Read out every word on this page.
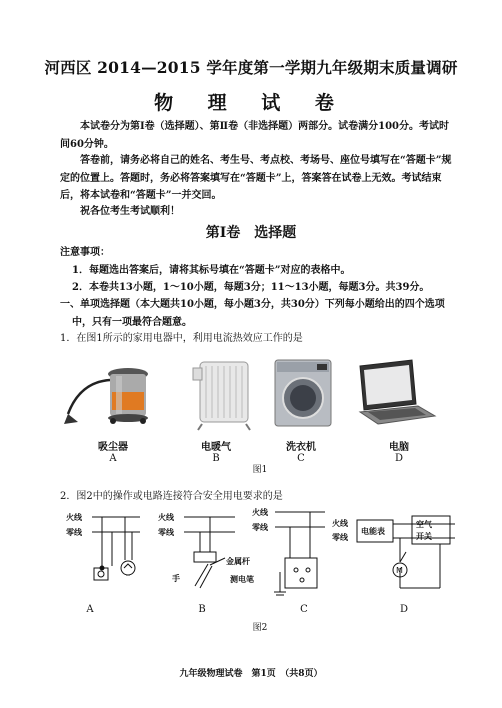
河西区 2014—2015 学年度第一学期九年级期末质量调研
物 理 试 卷
本试卷分为第Ⅰ卷（选择题）、第Ⅱ卷（非选择题）两部分。试卷满分100分。考试时间60分钟。
答卷前，请务必将自己的姓名、考生号、考点校、考场号、座位号填写在“答题卡”规定的位置上。答题时，务必将答案填写在“答题卡”上，答案答在试卷上无效。考试结束后，将本试卷和“答题卡”一并交回。
祝各位考生考试顺利！
第Ⅰ卷　选择题
注意事项：
1．每题选出答案后，请将其标号填在“答题卡”对应的表格中。
2．本卷共13小题，1～10小题，每题3分；11～13小题，每题3分。共39分。
一、单项选择题（本大题共10小题，每小题3分，共30分）下列每小题给出的四个选项中，只有一项最符合题意。
1．在图1所示的家用电器中，利用电流热效应工作的是
吸尘器
A
电暖气
B
洗衣机
C
电脑
D
图1
2．图2中的操作或电路连接符合安全用电要求的是
火线
零线
火线
零线
金属杆
手	测电笔
火线
零线	火线
零线
电能表
空气
开关
M
A	B	C	D
图2
九年级物理试卷　第1页　（共8页）
